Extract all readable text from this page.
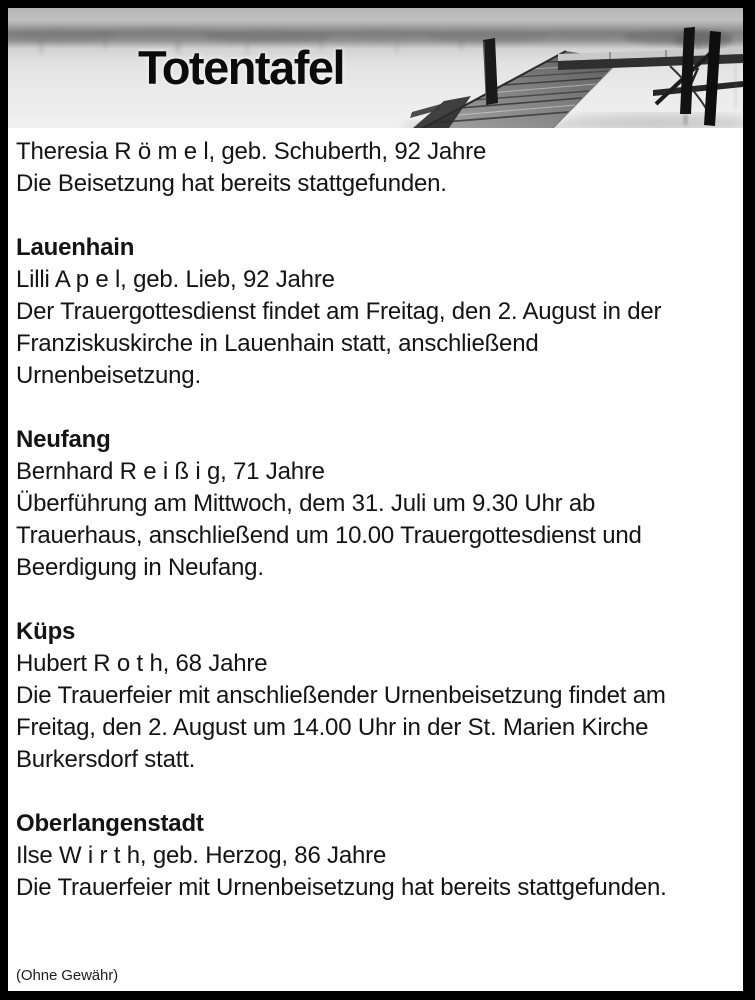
Totentafel

Theresia R ö m e l, geb. Schuberth, 92 Jahre

Die Beisetzung hat bereits stattgefunden.

Lauenhain

Lilli A p e l, geb. Lieb, 92 Jahre

Der Trauergottesdienst findet am Freitag, den 2. August in der

Franziskuskirche in Lauenhain statt, anschließend

Urnenbeisetzung.

Neufang

Bernhard R e i ß i g, 71 Jahre

Überführung am Mittwoch, dem 31. Juli um 9.30 Uhr ab

Trauerhaus, anschließend um 10.00 Trauergottesdienst und

Beerdigung in Neufang.

Küps

Hubert R o t h, 68 Jahre

Die Trauerfeier mit anschließender Urnenbeisetzung findet am

Freitag, den 2. August um 14.00 Uhr in der St. Marien Kirche

Burkersdorf statt.

Oberlangenstadt

Ilse W i r t h, geb. Herzog, 86 Jahre

Die Trauerfeier mit Urnenbeisetzung hat bereits stattgefunden.

(Ohne Gewähr)
